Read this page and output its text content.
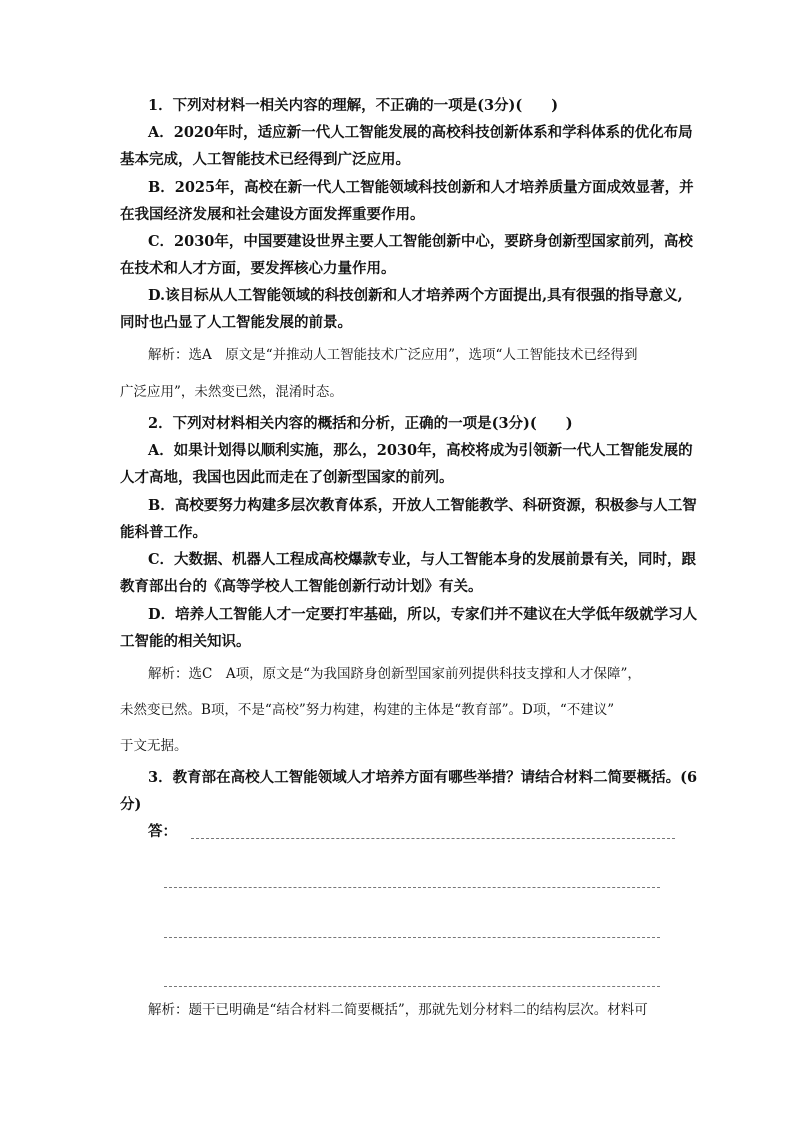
1．下列对材料一相关内容的理解，不正确的一项是(3分)(　　)
A．2020年时，适应新一代人工智能发展的高校科技创新体系和学科体系的优化布局
基本完成，人工智能技术已经得到广泛应用。
B．2025年，高校在新一代人工智能领域科技创新和人才培养质量方面成效显著，并
在我国经济发展和社会建设方面发挥重要作用。
C．2030年，中国要建设世界主要人工智能创新中心，要跻身创新型国家前列，高校
在技术和人才方面，要发挥核心力量作用。
D.该目标从人工智能领域的科技创新和人才培养两个方面提出,具有很强的指导意义,
同时也凸显了人工智能发展的前景。
解析：选A　原文是“并推动人工智能技术广泛应用”，选项“人工智能技术已经得到
广泛应用”，未然变已然，混淆时态。
2．下列对材料相关内容的概括和分析，正确的一项是(3分)(　　)
A．如果计划得以顺利实施，那么，2030年，高校将成为引领新一代人工智能发展的
人才高地，我国也因此而走在了创新型国家的前列。
B．高校要努力构建多层次教育体系，开放人工智能教学、科研资源，积极参与人工智
能科普工作。
C．大数据、机器人工程成高校爆款专业，与人工智能本身的发展前景有关，同时，跟
教育部出台的《高等学校人工智能创新行动计划》有关。
D．培养人工智能人才一定要打牢基础，所以，专家们并不建议在大学低年级就学习人
工智能的相关知识。
解析：选C　A项，原文是“为我国跻身创新型国家前列提供科技支撑和人才保障”，
未然变已然。B项，不是“高校”努力构建，构建的主体是“教育部”。D项，“不建议”
于文无据。
3．教育部在高校人工智能领域人才培养方面有哪些举措？请结合材料二简要概括。(6
分)
答：
解析：题干已明确是“结合材料二简要概括”，那就先划分材料二的结构层次。材料可
